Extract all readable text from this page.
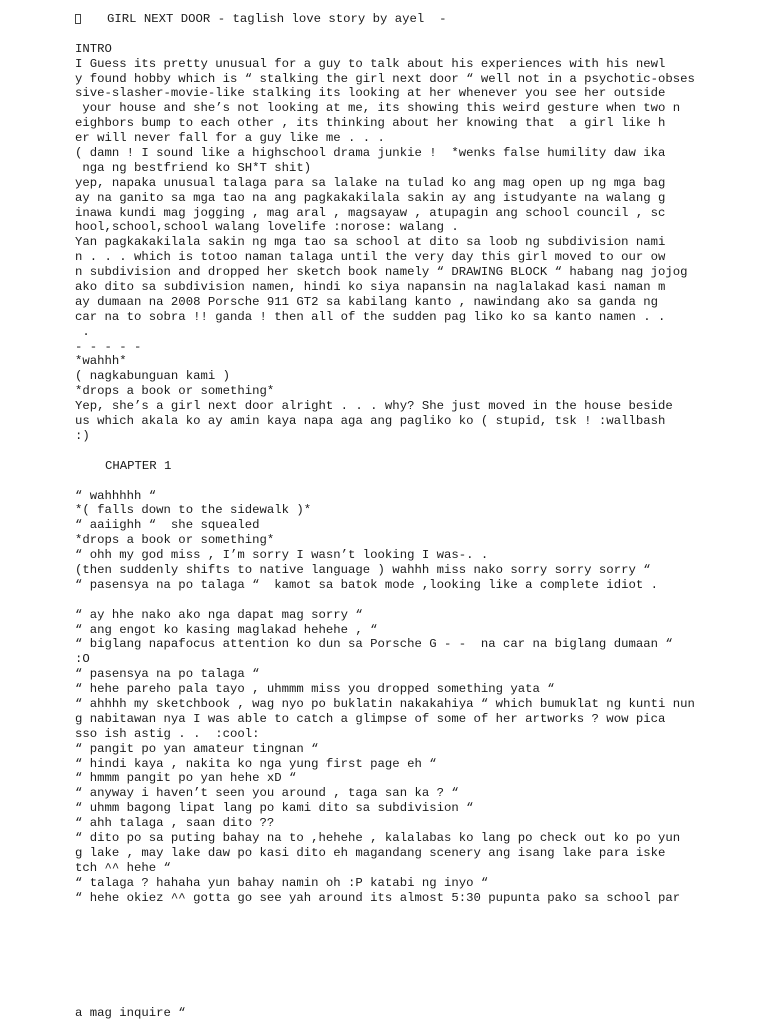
GIRL NEXT DOOR - taglish love story by ayel  -
INTRO
I Guess its pretty unusual for a guy to talk about his experiences with his newl
y found hobby which is “ stalking the girl next door “ well not in a psychotic-obses
sive-slasher-movie-like stalking its looking at her whenever you see her outside
your house and she’s not looking at me, its showing this weird gesture when two n
eighbors bump to each other , its thinking about her knowing that  a girl like h
er will never fall for a guy like me . . .
( damn ! I sound like a highschool drama junkie !  *wenks false humility daw ika
nga ng bestfriend ko SH*T shit)
yep, napaka unusual talaga para sa lalake na tulad ko ang mag open up ng mga bag
ay na ganito sa mga tao na ang pagkakakilala sakin ay ang istudyante na walang g
inawa kundi mag jogging , mag aral , magsayaw , atupagin ang school council , sc
hool,school,school walang lovelife :norose: walang .
Yan pagkakakilala sakin ng mga tao sa school at dito sa loob ng subdivision nami
n . . . which is totoo naman talaga until the very day this girl moved to our ow
n subdivision and dropped her sketch book namely “ DRAWING BLOCK “ habang nag jojog
ako dito sa subdivision namen, hindi ko siya napansin na naglalakad kasi naman m
ay dumaan na 2008 Porsche 911 GT2 sa kabilang kanto , nawindang ako sa ganda ng
car na to sobra !! ganda ! then all of the sudden pag liko ko sa kanto namen . .
.
- - - - -
*wahhh*
( nagkabunguan kami )
*drops a book or something*
Yep, she’s a girl next door alright . . . why? She just moved in the house beside
us which akala ko ay amin kaya napa aga ang pagliko ko ( stupid, tsk ! :wallbash
:)
CHAPTER 1
“ wahhhhh “
*( falls down to the sidewalk )*
“ aaiighh “  she squealed
*drops a book or something*
“ ohh my god miss , I’m sorry I wasn’t looking I was-. .
(then suddenly shifts to native language ) wahhh miss nako sorry sorry sorry “
“ pasensya na po talaga “  kamot sa batok mode ,looking like a complete idiot .
“ ay hhe nako ako nga dapat mag sorry “
“ ang engot ko kasing maglakad hehehe , “
“ biglang napafocus attention ko dun sa Porsche G - -  na car na biglang dumaan “
:O
“ pasensya na po talaga “
“ hehe pareho pala tayo , uhmmm miss you dropped something yata “
“ ahhhh my sketchbook , wag nyo po buklatin nakakahiya “ which bumuklat ng kunti nun
g nabitawan nya I was able to catch a glimpse of some of her artworks ? wow pica
sso ish astig . .  :cool:
“ pangit po yan amateur tingnan “
“ hindi kaya , nakita ko nga yung first page eh “
“ hmmm pangit po yan hehe xD “
“ anyway i haven’t seen you around , taga san ka ? “
“ uhmm bagong lipat lang po kami dito sa subdivision “
“ ahh talaga , saan dito ??
“ dito po sa puting bahay na to ,hehehe , kalalabas ko lang po check out ko po yun
g lake , may lake daw po kasi dito eh magandang scenery ang isang lake para iske
tch ^^ hehe “
“ talaga ? hahaha yun bahay namin oh :P katabi ng inyo “
“ hehe okiez ^^ gotta go see yah around its almost 5:30 pupunta pako sa school par
a mag inquire “
